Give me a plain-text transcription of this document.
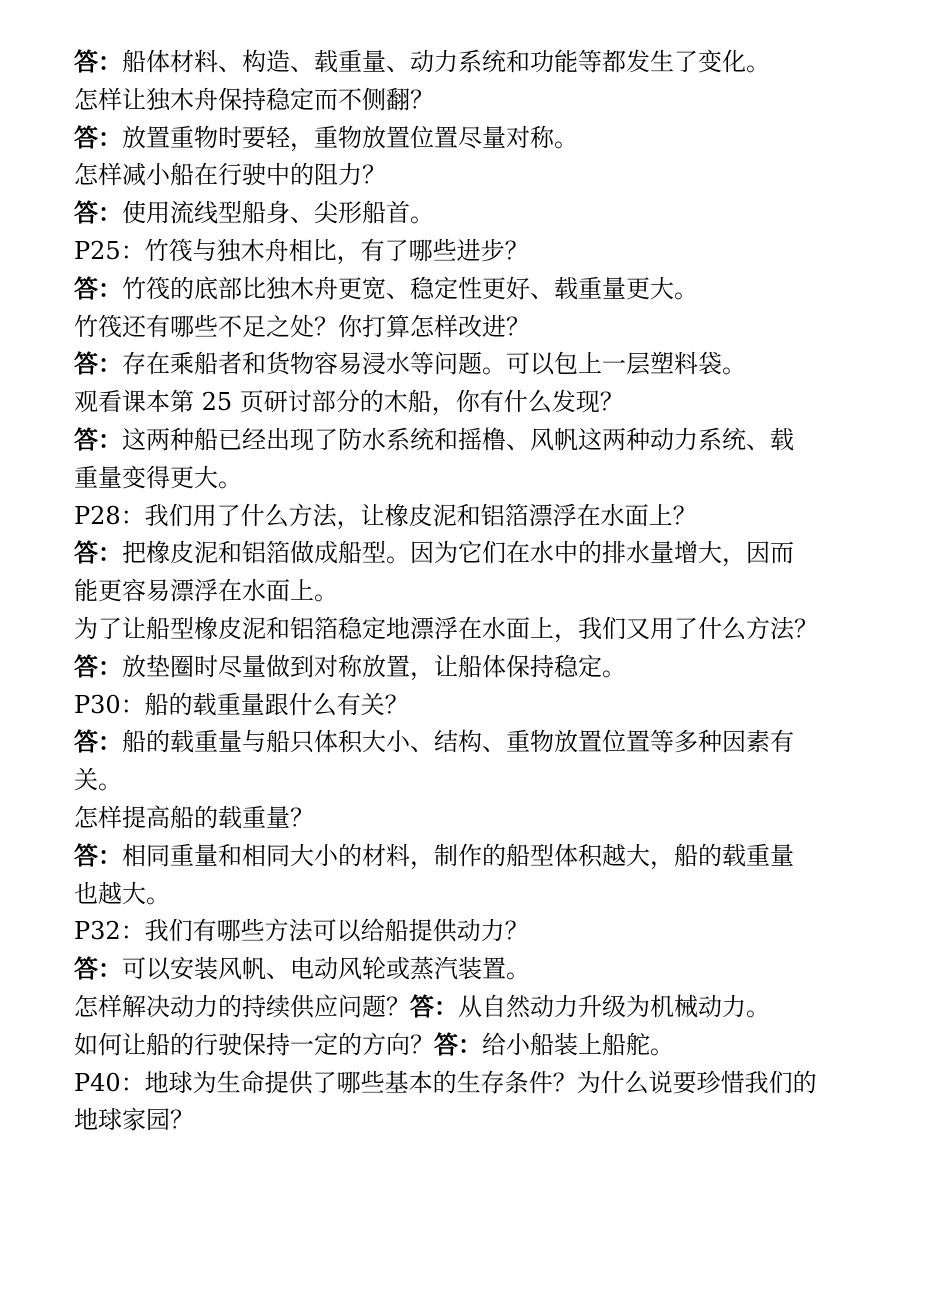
答：船体材料、构造、载重量、动力系统和功能等都发生了变化。
怎样让独木舟保持稳定而不侧翻？
答：放置重物时要轻，重物放置位置尽量对称。
怎样减小船在行驶中的阻力？
答：使用流线型船身、尖形船首。
P25：竹筏与独木舟相比，有了哪些进步？
答：竹筏的底部比独木舟更宽、稳定性更好、载重量更大。
竹筏还有哪些不足之处？你打算怎样改进？
答：存在乘船者和货物容易浸水等问题。可以包上一层塑料袋。
观看课本第 25 页研讨部分的木船，你有什么发现？
答：这两种船已经出现了防水系统和摇橹、风帆这两种动力系统、载
重量变得更大。
P28：我们用了什么方法，让橡皮泥和铝箔漂浮在水面上？
答：把橡皮泥和铝箔做成船型。因为它们在水中的排水量增大，因而
能更容易漂浮在水面上。
为了让船型橡皮泥和铝箔稳定地漂浮在水面上，我们又用了什么方法？
答：放垫圈时尽量做到对称放置，让船体保持稳定。
P30：船的载重量跟什么有关？
答：船的载重量与船只体积大小、结构、重物放置位置等多种因素有
关。
怎样提高船的载重量？
答：相同重量和相同大小的材料，制作的船型体积越大，船的载重量
也越大。
P32：我们有哪些方法可以给船提供动力？
答：可以安装风帆、电动风轮或蒸汽装置。
怎样解决动力的持续供应问题？答：从自然动力升级为机械动力。
如何让船的行驶保持一定的方向？答：给小船装上船舵。
P40：地球为生命提供了哪些基本的生存条件？为什么说要珍惜我们的
地球家园？
